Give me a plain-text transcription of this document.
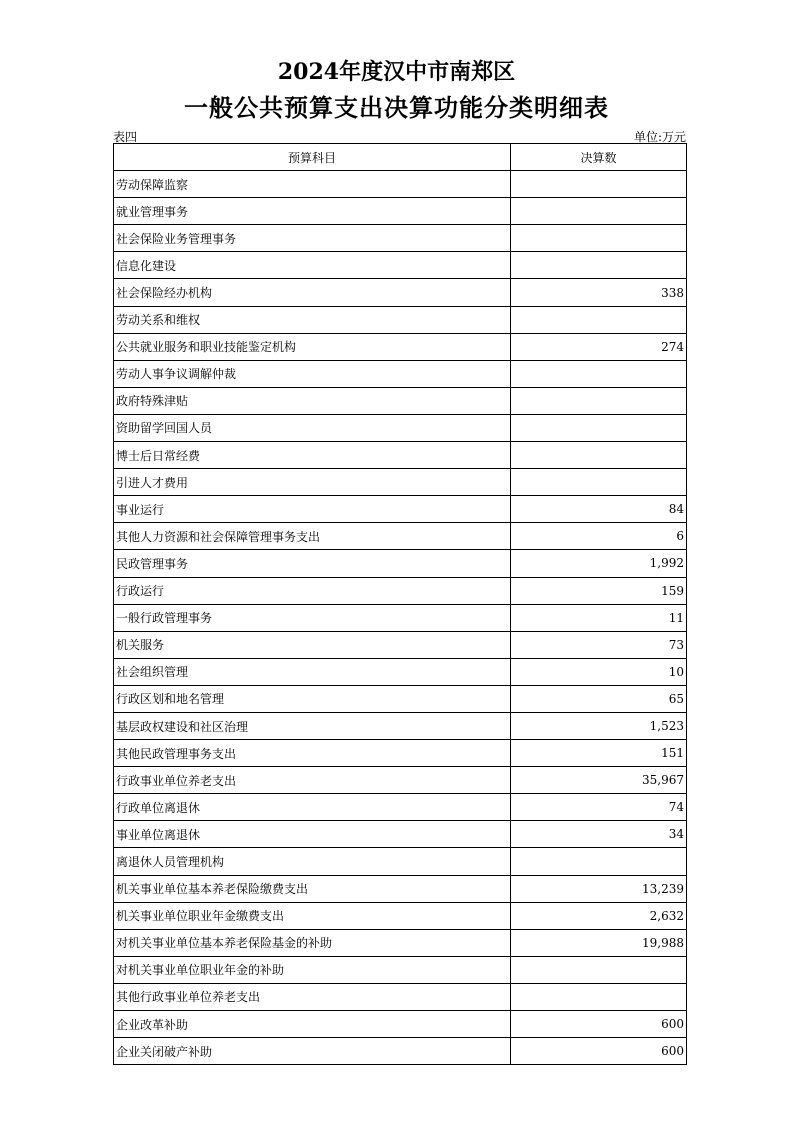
2024年度汉中市南郑区
一般公共预算支出决算功能分类明细表
表四	单位:万元
预算科目	决算数
劳动保障监察	
就业管理事务	
社会保险业务管理事务	
信息化建设	
社会保险经办机构	338
劳动关系和维权	
公共就业服务和职业技能鉴定机构	274
劳动人事争议调解仲裁	
政府特殊津贴	
资助留学回国人员	
博士后日常经费	
引进人才费用	
事业运行	84
其他人力资源和社会保障管理事务支出	6
民政管理事务	1,992
行政运行	159
一般行政管理事务	11
机关服务	73
社会组织管理	10
行政区划和地名管理	65
基层政权建设和社区治理	1,523
其他民政管理事务支出	151
行政事业单位养老支出	35,967
行政单位离退休	74
事业单位离退休	34
离退休人员管理机构	
机关事业单位基本养老保险缴费支出	13,239
机关事业单位职业年金缴费支出	2,632
对机关事业单位基本养老保险基金的补助	19,988
对机关事业单位职业年金的补助	
其他行政事业单位养老支出	
企业改革补助	600
企业关闭破产补助	600
